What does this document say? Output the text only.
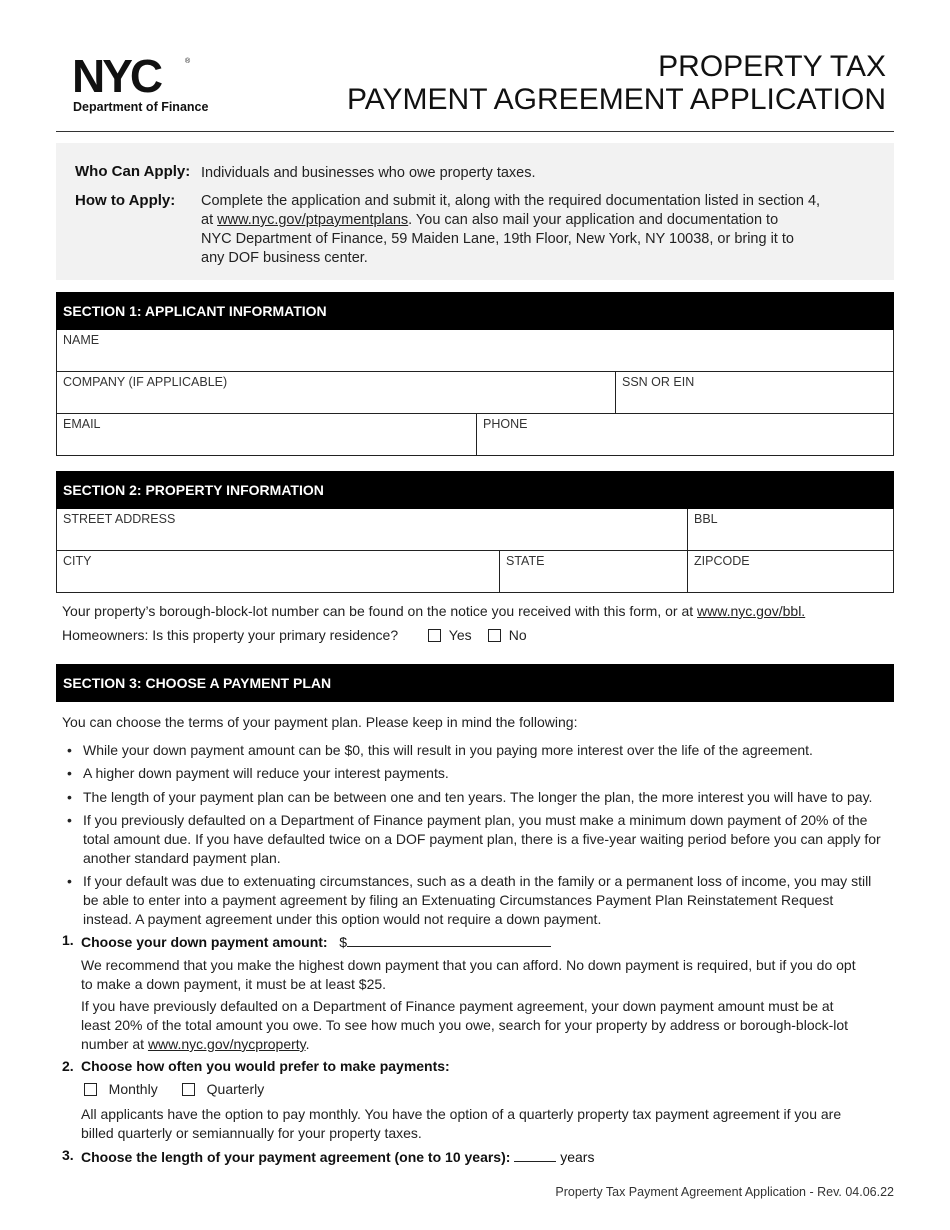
NYC	®
Department of Finance
PROPERTY TAX
PAYMENT AGREEMENT APPLICATION
Who Can Apply: Individuals and businesses who owe property taxes.
How to Apply: Complete the application and submit it, along with the required documentation listed in section 4,
at www.nyc.gov/ptpaymentplans. You can also mail your application and documentation to
NYC Department of Finance, 59 Maiden Lane, 19th Floor, New York, NY 10038, or bring it to
any DOF business center.
SECTION 1: APPLICANT INFORMATION
NAME
COMPANY (IF APPLICABLE)	SSN OR EIN
EMAIL	PHONE
SECTION 2: PROPERTY INFORMATION
STREET ADDRESS	BBL
CITY	STATE	ZIPCODE
Your property’s borough-block-lot number can be found on the notice you received with this form, or at www.nyc.gov/bbl.
Homeowners: Is this property your primary residence?	Yes	No
SECTION 3: CHOOSE A PAYMENT PLAN
You can choose the terms of your payment plan. Please keep in mind the following:
• While your down payment amount can be $0, this will result in you paying more interest over the life of the agreement.
• A higher down payment will reduce your interest payments.
• The length of your payment plan can be between one and ten years. The longer the plan, the more interest you will have to pay.
• If you previously defaulted on a Department of Finance payment plan, you must make a minimum down payment of 20% of the total amount due. If you have defaulted twice on a DOF payment plan, there is a five-year waiting period before you can apply for another standard payment plan.
• If your default was due to extenuating circumstances, such as a death in the family or a permanent loss of income, you may still be able to enter into a payment agreement by filing an Extenuating Circumstances Payment Plan Reinstatement Request instead. A payment agreement under this option would not require a down payment.
1. Choose your down payment amount: $
We recommend that you make the highest down payment that you can afford. No down payment is required, but if you do opt to make a down payment, it must be at least $25.
If you have previously defaulted on a Department of Finance payment agreement, your down payment amount must be at least 20% of the total amount you owe. To see how much you owe, search for your property by address or borough-block-lot number at www.nyc.gov/nycproperty.
2. Choose how often you would prefer to make payments:
Monthly	Quarterly
All applicants have the option to pay monthly. You have the option of a quarterly property tax payment agreement if you are billed quarterly or semiannually for your property taxes.
3. Choose the length of your payment agreement (one to 10 years):	years
Property Tax Payment Agreement Application - Rev. 04.06.22
